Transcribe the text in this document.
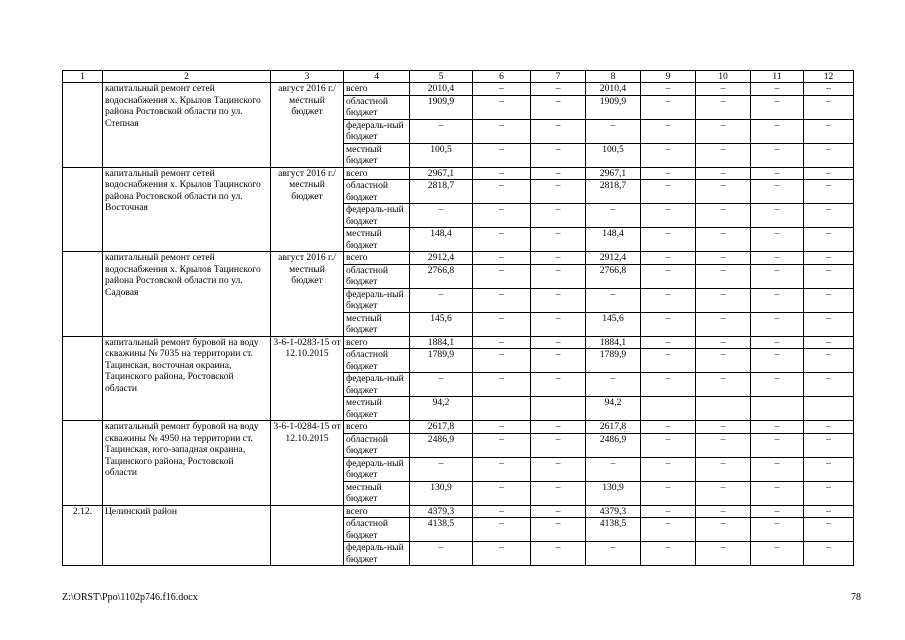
1	2	3	4	5	6	7	8	9	10	11	12
	капитальный ремонт сетей водоснабжения х. Крылов Тацинского района Ростовской области по ул. Степная	август 2016 г./ местный бюджет	всего	2010,4	–	–	2010,4	–	–	–	–
			областной бюджет	1909,9	–	–	1909,9	–	–	–	–
			федераль-ный бюджет	–	–	–	–	–	–	–	–
			местный бюджет	100,5	–	–	100,5	–	–	–	–
	капитальный ремонт сетей водоснабжения х. Крылов Тацинского района Ростовской области по ул. Восточная	август 2016 г./ местный бюджет	всего	2967,1	–	–	2967,1	–	–	–	–
			областной бюджет	2818,7	–	–	2818,7	–	–	–	–
			федераль-ный бюджет	–	–	–	–	–	–	–	–
			местный бюджет	148,4	–	–	148,4	–	–	–	–
	капитальный ремонт сетей водоснабжения х. Крылов Тацинского района Ростовской области по ул. Садовая	август 2016 г./ местный бюджет	всего	2912,4	–	–	2912,4	–	–	–	–
			областной бюджет	2766,8	–	–	2766,8	–	–	–	–
			федераль-ный бюджет	–	–	–	–	–	–	–	–
			местный бюджет	145,6	–	–	145,6	–	–	–	–
	капитальный ремонт буровой на воду скважины № 7035 на территории ст. Тацинская, восточная окраина, Тацинского района, Ростовской области	3-6-1-0283-15 от 12.10.2015	всего	1884,1	–	–	1884,1	–	–	–	–
			областной бюджет	1789,9	–	–	1789,9	–	–	–	–
			федераль-ный бюджет	–	–	–	–	–	–	–	–
			местный бюджет	94,2			94,2				
	капитальный ремонт буровой на воду скважины № 4950 на территории ст. Тацинская, юго-западная окраина, Тацинского района, Ростовской области	3-6-1-0284-15 от 12.10.2015	всего	2617,8	–	–	2617,8	–	–	–	–
			областной бюджет	2486,9	–	–	2486,9	–	–	–	–
			федераль-ный бюджет	–	–	–	–	–	–	–	–
			местный бюджет	130,9	–	–	130,9	–	–	–	–
2.12.	Целинский район		всего	4379,3	–	–	4379,3	–	–	–	–
			областной бюджет	4138,5	–	–	4138,5	–	–	–	–
			федераль-ный бюджет	–	–	–	–	–	–	–	–
Z:\ORST\Ppo\1102p746.f16.docx	78
